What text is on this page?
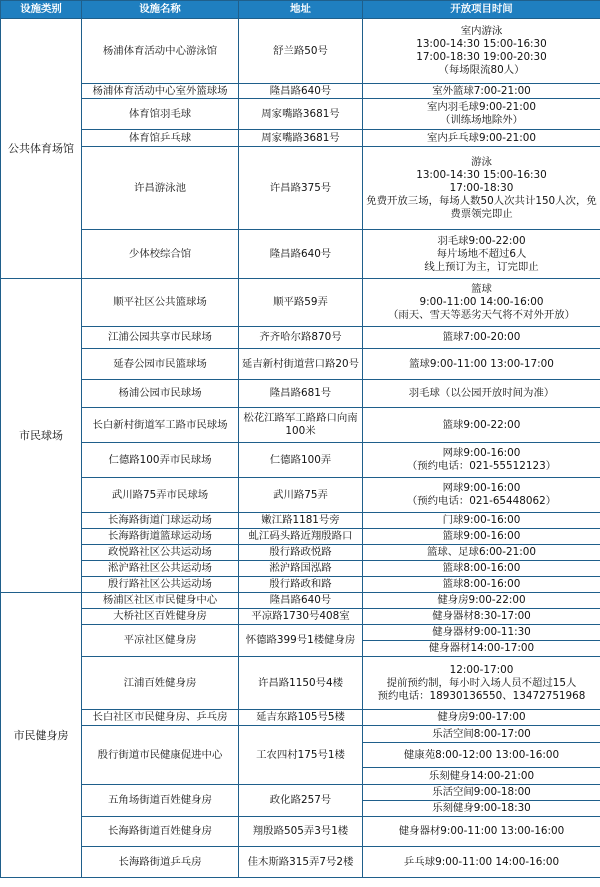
设施类别	设施名称	地址	开放项目时间
公共体育场馆	杨浦体育活动中心游泳馆	舒兰路50号	室内游泳
13:00-14:30 15:00-16:30
17:00-18:30 19:00-20:30
（每场限流80人）
	杨浦体育活动中心室外篮球场	隆昌路640号	室外篮球7:00-21:00
	体育馆羽毛球	周家嘴路3681号	室内羽毛球9:00-21:00
（训练场地除外）
	体育馆乒乓球	周家嘴路3681号	室内乒乓球9:00-21:00
	许昌游泳池	许昌路375号	游泳
13:00-14:30 15:00-16:30
17:00-18:30
免费开放三场，每场人数50人次共计150人次，免费票领完即止
	少体校综合馆	隆昌路640号	羽毛球9:00-22:00
每片场地不超过6人
线上预订为主，订完即止
市民球场	顺平社区公共篮球场	顺平路59弄	篮球
9:00-11:00 14:00-16:00
（雨天、雪天等恶劣天气将不对外开放）
	江浦公园共享市民球场	齐齐哈尔路870号	篮球7:00-20:00
	延春公园市民篮球场	延吉新村街道营口路20号	篮球9:00-11:00 13:00-17:00
	杨浦公园市民球场	隆昌路681号	羽毛球（以公园开放时间为准）
	长白新村街道军工路市民球场	松花江路军工路路口向南100米	篮球9:00-22:00
	仁德路100弄市民球场	仁德路100弄	网球9:00-16:00
（预约电话：021-55512123）
	武川路75弄市民球场	武川路75弄	网球9:00-16:00
（预约电话：021-65448062）
	长海路街道门球运动场	嫩江路1181号旁	门球9:00-16:00
	长海路街道篮球运动场	虬江码头路近翔殷路口	篮球9:00-16:00
	政悦路社区公共运动场	殷行路政悦路	篮球、足球6:00-21:00
	淞沪路社区公共运动场	淞沪路国泓路	篮球8:00-16:00
	殷行路社区公共运动场	殷行路政和路	篮球8:00-16:00
市民健身房	杨浦区社区市民健身中心	隆昌路640号	健身房9:00-22:00
	大桥社区百姓健身房	平凉路1730号408室	健身器材8:30-17:00
	平凉社区健身房	怀德路399号1楼健身房	健身器材9:00-11:30
			健身器材14:00-17:00
	江浦百姓健身房	许昌路1150号4楼	12:00-17:00
提前预约制，每小时入场人员不超过15人
预约电话：18930136550、13472751968
	长白社区市民健身房、乒乓房	延吉东路105号5楼	健身房9:00-17:00
	殷行街道市民健康促进中心	工农四村175号1楼	乐活空间8:00-17:00
			健康苑8:00-12:00 13:00-16:00
			乐刻健身14:00-21:00
	五角场街道百姓健身房	政化路257号	乐活空间9:00-18:00
			乐刻健身9:00-18:30
	长海路街道百姓健身房	翔殷路505弄3号1楼	健身器材9:00-11:00 13:00-16:00
	长海路街道乒乓房	佳木斯路315弄7号2楼	乒乓球9:00-11:00 14:00-16:00
